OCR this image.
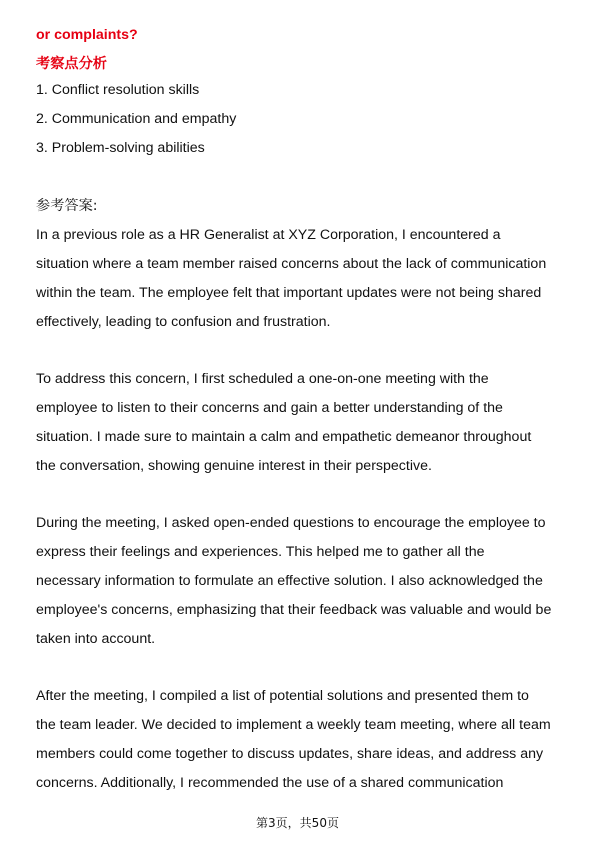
or complaints?
考察点分析
1. Conflict resolution skills
2. Communication and empathy
3. Problem-solving abilities
参考答案:
In a previous role as a HR Generalist at XYZ Corporation, I encountered a
situation where a team member raised concerns about the lack of communication
within the team. The employee felt that important updates were not being shared
effectively, leading to confusion and frustration.
To address this concern, I first scheduled a one-on-one meeting with the
employee to listen to their concerns and gain a better understanding of the
situation. I made sure to maintain a calm and empathetic demeanor throughout
the conversation, showing genuine interest in their perspective.
During the meeting, I asked open-ended questions to encourage the employee to
express their feelings and experiences. This helped me to gather all the
necessary information to formulate an effective solution. I also acknowledged the
employee's concerns, emphasizing that their feedback was valuable and would be
taken into account.
After the meeting, I compiled a list of potential solutions and presented them to
the team leader. We decided to implement a weekly team meeting, where all team
members could come together to discuss updates, share ideas, and address any
concerns. Additionally, I recommended the use of a shared communication
第3页，共50页
